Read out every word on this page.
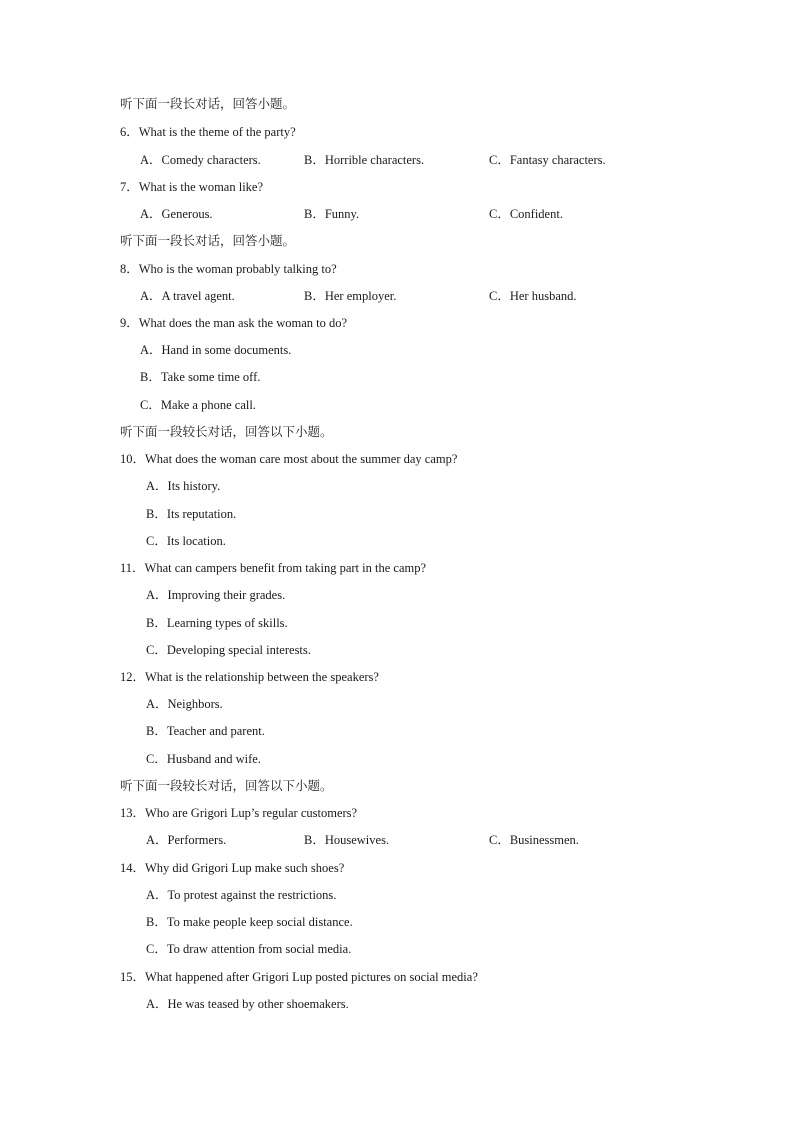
听下面一段长对话，回答小题。
6．What is the theme of the party?
A．Comedy characters.	B．Horrible characters.	C．Fantasy characters.
7．What is the woman like?
A．Generous.	B．Funny.	C．Confident.
听下面一段长对话，回答小题。
8．Who is the woman probably talking to?
A．A travel agent.	B．Her employer.	C．Her husband.
9．What does the man ask the woman to do?
A．Hand in some documents.
B．Take some time off.
C．Make a phone call.
听下面一段较长对话，回答以下小题。
10．What does the woman care most about the summer day camp?
A．Its history.
B．Its reputation.
C．Its location.
11．What can campers benefit from taking part in the camp?
A．Improving their grades.
B．Learning types of skills.
C．Developing special interests.
12．What is the relationship between the speakers?
A．Neighbors.
B．Teacher and parent.
C．Husband and wife.
听下面一段较长对话，回答以下小题。
13．Who are Grigori Lup’s regular customers?
A．Performers.	B．Housewives.	C．Businessmen.
14．Why did Grigori Lup make such shoes?
A．To protest against the restrictions.
B．To make people keep social distance.
C．To draw attention from social media.
15．What happened after Grigori Lup posted pictures on social media?
A．He was teased by other shoemakers.
